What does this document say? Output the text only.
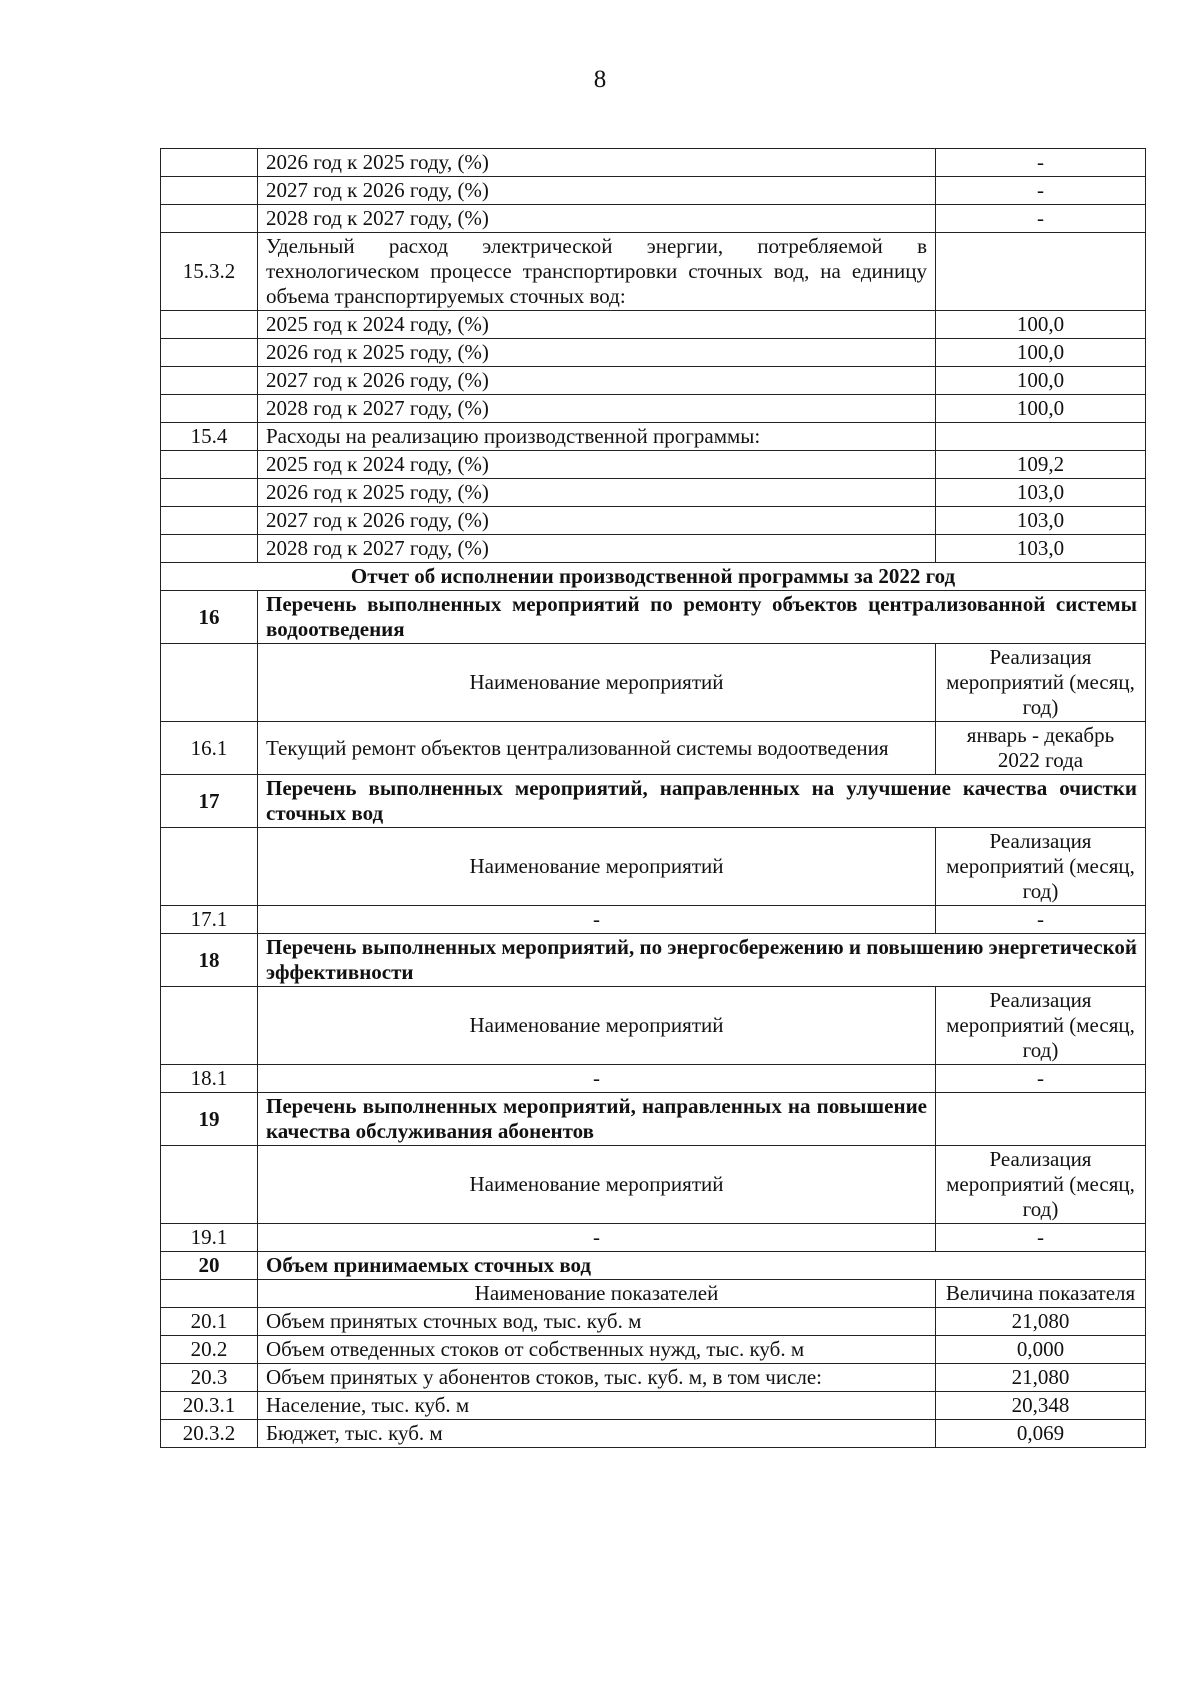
8
	2026 год к 2025 году, (%)	-
	2027 год к 2026 году, (%)	-
	2028 год к 2027 году, (%)	-
15.3.2	Удельный расход электрической энергии, потребляемой в технологическом процессе транспортировки сточных вод, на единицу объема транспортируемых сточных вод:	
	2025 год к 2024 году, (%)	100,0
	2026 год к 2025 году, (%)	100,0
	2027 год к 2026 году, (%)	100,0
	2028 год к 2027 году, (%)	100,0
15.4	Расходы на реализацию производственной программы:	
	2025 год к 2024 году, (%)	109,2
	2026 год к 2025 году, (%)	103,0
	2027 год к 2026 году, (%)	103,0
	2028 год к 2027 году, (%)	103,0
Отчет об исполнении производственной программы за 2022 год		
16	Перечень выполненных мероприятий по ремонту объектов централизованной системы водоотведения	
	Наименование мероприятий	Реализация мероприятий (месяц, год)
16.1	Текущий ремонт объектов централизованной системы водоотведения	январь - декабрь 2022 года
17	Перечень выполненных мероприятий, направленных на улучшение качества очистки сточных вод	
	Наименование мероприятий	Реализация мероприятий (месяц, год)
17.1	-	-
18	Перечень выполненных мероприятий, по энергосбережению и повышению энергетической эффективности	
	Наименование мероприятий	Реализация мероприятий (месяц, год)
18.1	-	-
19	Перечень выполненных мероприятий, направленных на повышение качества обслуживания абонентов	
	Наименование мероприятий	Реализация мероприятий (месяц, год)
19.1	-	-
20	Объем принимаемых сточных вод	
	Наименование показателей	Величина показателя
20.1	Объем принятых сточных вод, тыс. куб. м	21,080
20.2	Объем отведенных стоков от собственных нужд, тыс. куб. м	0,000
20.3	Объем принятых у абонентов стоков, тыс. куб. м, в том числе:	21,080
20.3.1	Население, тыс. куб. м	20,348
20.3.2	Бюджет, тыс. куб. м	0,069
